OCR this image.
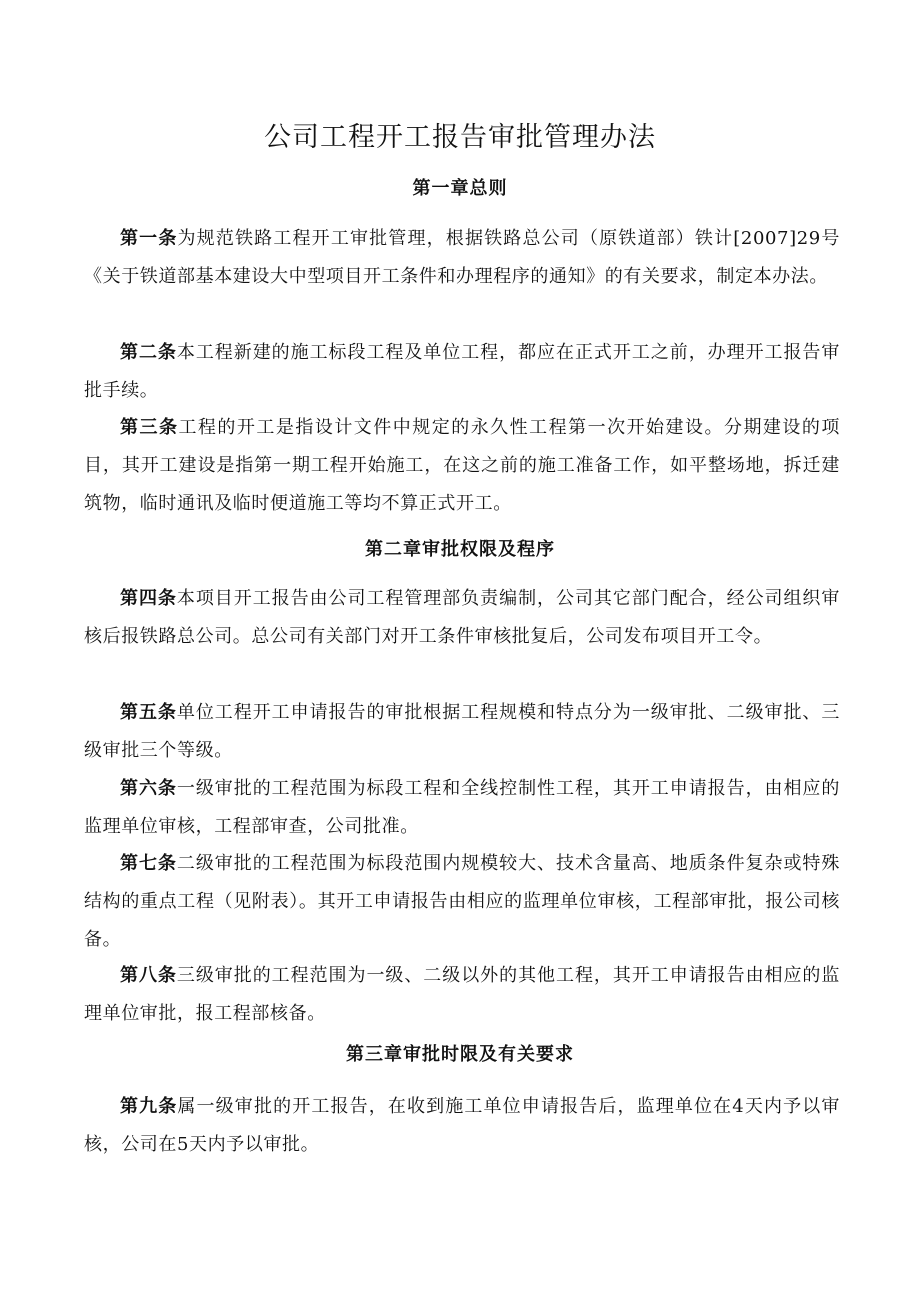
公司工程开工报告审批管理办法
第一章总则

第一条为规范铁路工程开工审批管理，根据铁路总公司（原铁道部）铁计[2007]29号《关于铁道部基本建设大中型项目开工条件和办理程序的通知》的有关要求，制定本办法。

第二条本工程新建的施工标段工程及单位工程，都应在正式开工之前，办理开工报告审批手续。

第三条工程的开工是指设计文件中规定的永久性工程第一次开始建设。分期建设的项目，其开工建设是指第一期工程开始施工，在这之前的施工准备工作，如平整场地，拆迁建筑物，临时通讯及临时便道施工等均不算正式开工。

第二章审批权限及程序

第四条本项目开工报告由公司工程管理部负责编制，公司其它部门配合，经公司组织审核后报铁路总公司。总公司有关部门对开工条件审核批复后，公司发布项目开工令。

第五条单位工程开工申请报告的审批根据工程规模和特点分为一级审批、二级审批、三级审批三个等级。

第六条一级审批的工程范围为标段工程和全线控制性工程，其开工申请报告，由相应的监理单位审核，工程部审查，公司批准。

第七条二级审批的工程范围为标段范围内规模较大、技术含量高、地质条件复杂或特殊结构的重点工程（见附表）。其开工申请报告由相应的监理单位审核，工程部审批，报公司核备。

第八条三级审批的工程范围为一级、二级以外的其他工程，其开工申请报告由相应的监理单位审批，报工程部核备。

第三章审批时限及有关要求

第九条属一级审批的开工报告，在收到施工单位申请报告后，监理单位在4天内予以审核，公司在5天内予以审批。
